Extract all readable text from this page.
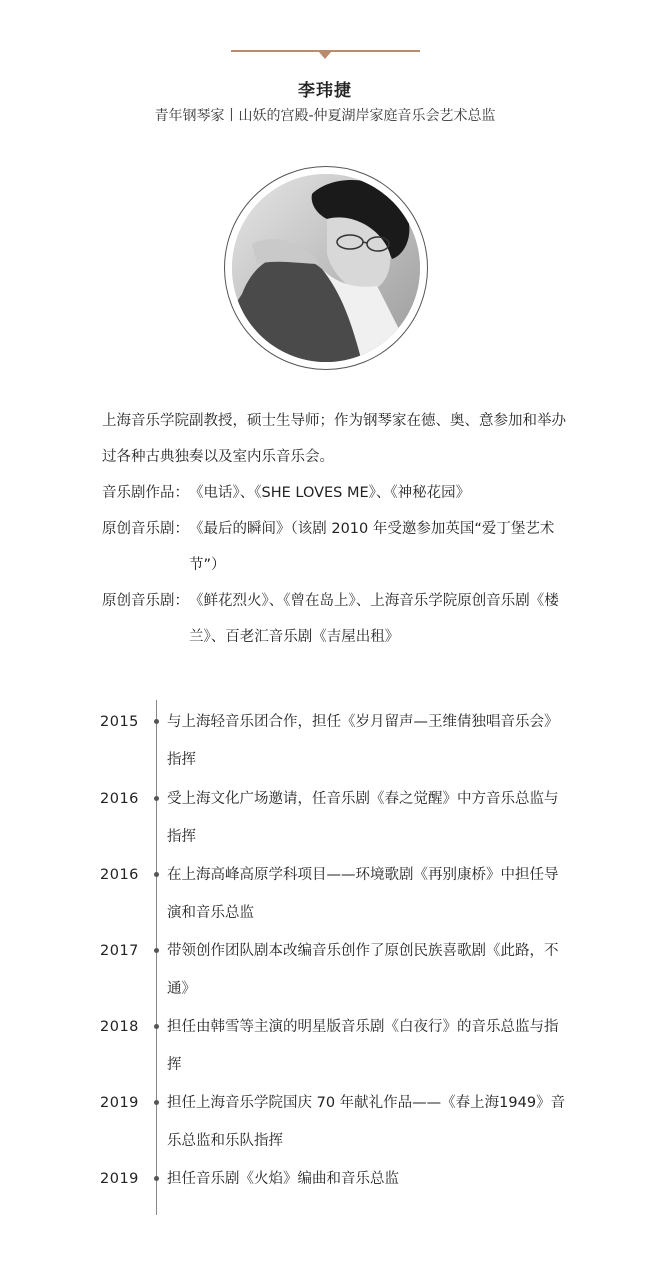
李玮捷
青年钢琴家丨山妖的宫殿-仲夏湖岸家庭音乐会艺术总监

上海音乐学院副教授，硕士生导师；作为钢琴家在德、奥、意参加和举办过各种古典独奏以及室内乐音乐会。

音乐剧作品： 《电话》、《SHE LOVES ME》、《神秘花园》

原创音乐剧： 《最后的瞬间》（该剧 2010 年受邀参加英国“爱丁堡艺术节”）

原创音乐剧： 《鲜花烈火》、《曾在岛上》、上海音乐学院原创音乐剧《楼兰》、百老汇音乐剧《吉屋出租》

2015	与上海轻音乐团合作，担任《岁月留声—王维倩独唱音乐会》指挥
2016	受上海文化广场邀请，任音乐剧《春之觉醒》中方音乐总监与指挥
2016	在上海高峰高原学科项目——环境歌剧《再别康桥》中担任导演和音乐总监
2017	带领创作团队剧本改编音乐创作了原创民族喜歌剧《此路，不通》
2018	担任由韩雪等主演的明星版音乐剧《白夜行》的音乐总监与指挥
2019	担任上海音乐学院国庆 70 年献礼作品——《春上海1949》音乐总监和乐队指挥
2019	担任音乐剧《火焰》编曲和音乐总监
